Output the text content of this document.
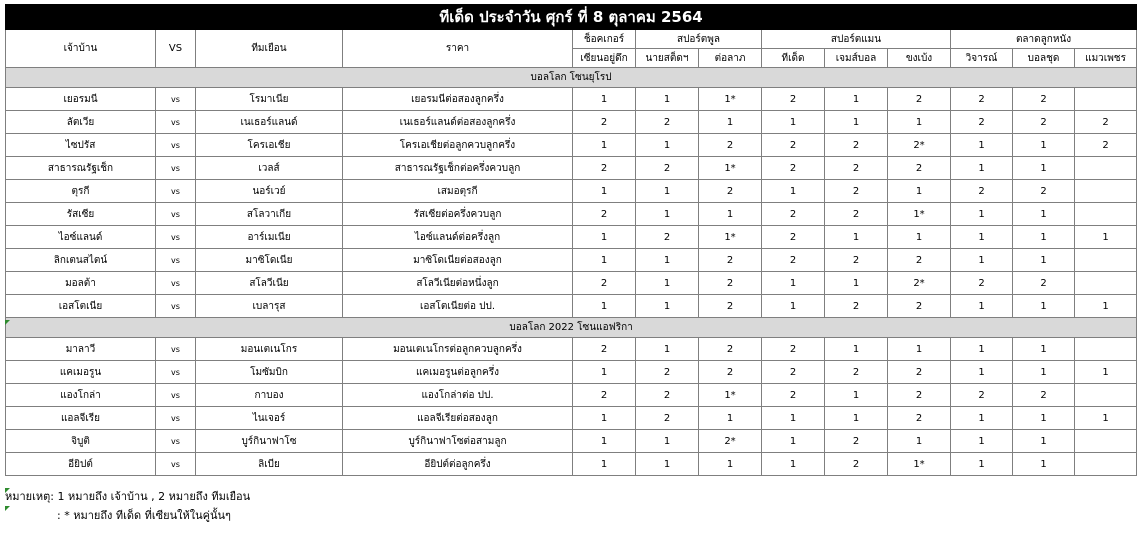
ทีเด็ด ประจำวัน ศุกร์ ที่ 8 ตุลาคม 2564												
เจ้าบ้าน	VS	ทีมเยือน	ราคา	ช็อคเกอร์	สปอร์ตพูล		สปอร์ตแมน			ตลาดลูกหนัง		
				เซียนอยู่ดึก	นายสต็ดฯ	ต่อลาภ	ทีเด็ด	เจมส์บอล	ขงเบ้ง	วิจารณ์	บอลชุด	แมวเพชร
บอลโลก โซนยุโรป												
เยอรมนี	vs	โรมาเนีย	เยอรมนีต่อสองลูกครึ่ง	1	1	1*	2	1	2	2	2	
ลัตเวีย	vs	เนเธอร์แลนด์	เนเธอร์แลนด์ต่อสองลูกครึ่ง	2	2	1	1	1	1	2	2	2
ไซปรัส	vs	โครเอเชีย	โครเอเชียต่อลูกควบลูกครึ่ง	1	1	2	2	2	2*	1	1	2
สาธารณรัฐเช็ก	vs	เวลส์	สาธารณรัฐเช็กต่อครึ่งควบลูก	2	2	1*	2	2	2	1	1	
ตุรกี	vs	นอร์เวย์	เสมอตุรกี	1	1	2	1	2	1	2	2	
รัสเซีย	vs	สโลวาเกีย	รัสเซียต่อครึ่งควบลูก	2	1	1	2	2	1*	1	1	
ไอซ์แลนด์	vs	อาร์เมเนีย	ไอซ์แลนด์ต่อครึ่งลูก	1	2	1*	2	1	1	1	1	1
ลิกเตนสไตน์	vs	มาซิโดเนีย	มาซิโดเนียต่อสองลูก	1	1	2	2	2	2	1	1	
มอลต้า	vs	สโลวีเนีย	สโลวีเนียต่อหนึ่งลูก	2	1	2	1	1	2*	2	2	
เอสโตเนีย	vs	เบลารุส	เอสโตเนียต่อ ปป.	1	1	2	1	2	2	1	1	1
บอลโลก 2022 โซนแอฟริกา												
มาลาวี	vs	มอนเตเนโกร	มอนเตเนโกรต่อลูกควบลูกครึ่ง	2	1	2	2	1	1	1	1	
แคเมอรูน	vs	โมซัมบิก	แคเมอรูนต่อลูกครึ่ง	1	2	2	2	2	2	1	1	1
แองโกล่า	vs	กาบอง	แองโกล่าต่อ ปป.	2	2	1*	2	1	2	2	2	
แอลจีเรีย	vs	ไนเจอร์	แอลจีเรียต่อสองลูก	1	2	1	1	1	2	1	1	1
จิบูติ	vs	บูร์กินาฟาโซ	บูร์กินาฟาโซต่อสามลูก	1	1	2*	1	2	1	1	1	
อียิปต์	vs	ลิเบีย	อียิปต์ต่อลูกครึ่ง	1	1	1	1	2	1*	1	1	
หมายเหตุ: 1 หมายถึง เจ้าบ้าน , 2 หมายถึง ทีมเยือน
: * หมายถึง ทีเด็ด ที่เซียนให้ในคู่นั้นๆ
